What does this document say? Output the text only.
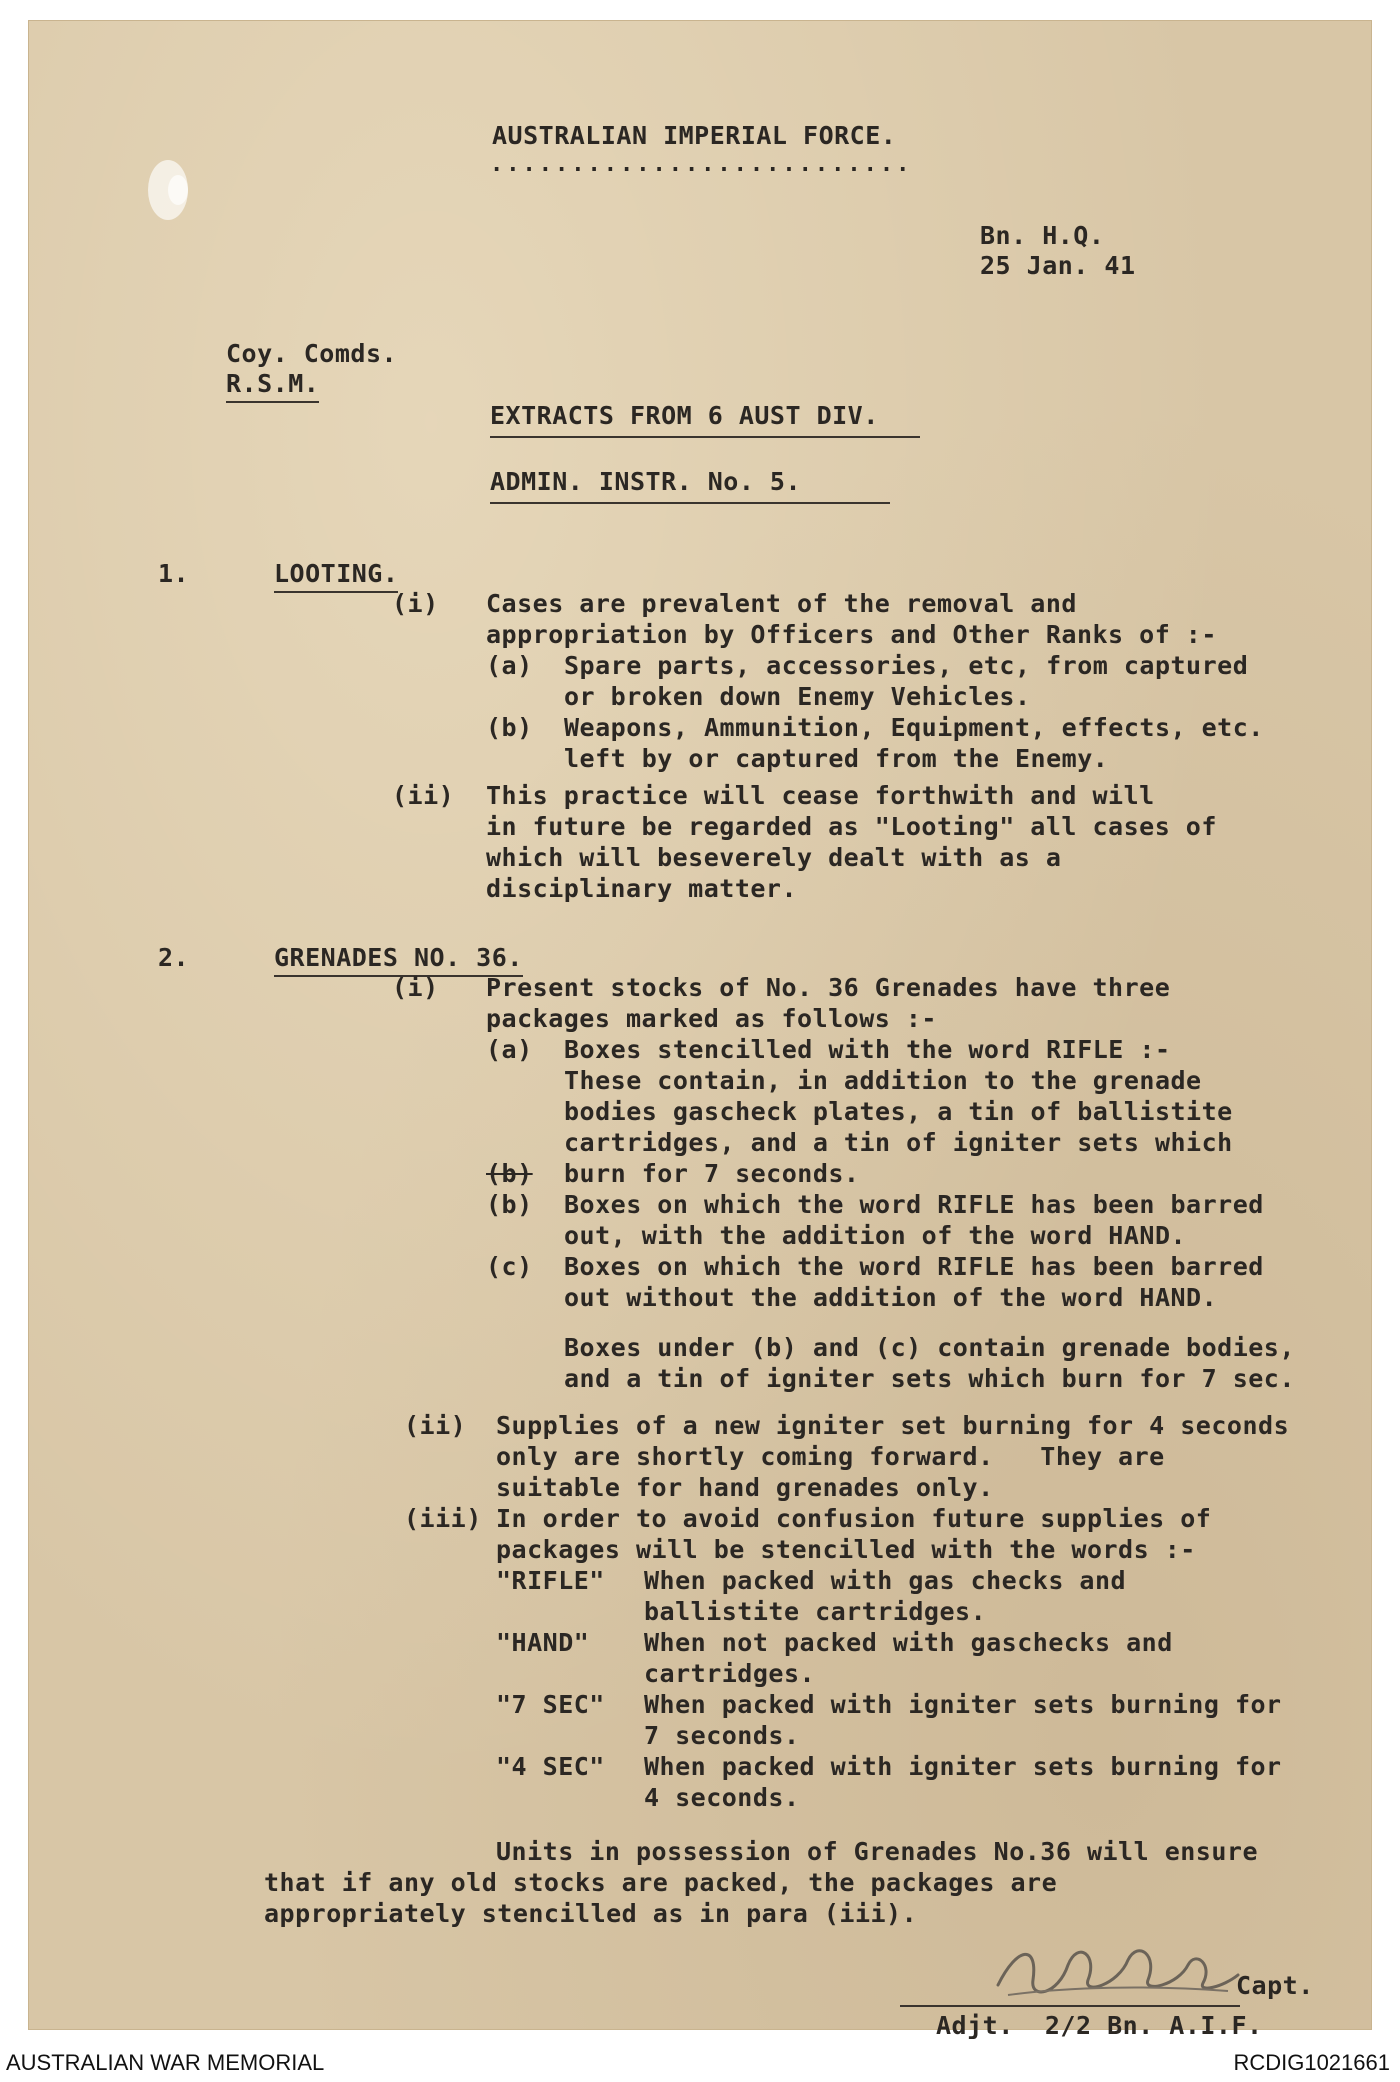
AUSTRALIAN IMPERIAL FORCE.
..........................
Bn. H.Q.
25 Jan. 41
Coy. Comds.
R.S.M.
EXTRACTS FROM 6 AUST DIV.
ADMIN. INSTR. No. 5.
1.	LOOTING.
(i) Cases are prevalent of the removal and
appropriation by Officers and Other Ranks of :-
(a) Spare parts, accessories, etc, from captured
or broken down Enemy Vehicles.
(b) Weapons, Ammunition, Equipment, effects, etc.
left by or captured from the Enemy.
(ii) This practice will cease forthwith and will
in future be regarded as "Looting" all cases of
which will beseverely dealt with as a
disciplinary matter.
2.	GRENADES NO. 36.
(i) Present stocks of No. 36 Grenades have three
packages marked as follows :-
(a) Boxes stencilled with the word RIFLE :-
These contain, in addition to the grenade
bodies gascheck plates, a tin of ballistite
cartridges, and a tin of igniter sets which
(b) burn for 7 seconds.
(b) Boxes on which the word RIFLE has been barred
out, with the addition of the word HAND.
(c) Boxes on which the word RIFLE has been barred
out without the addition of the word HAND.
Boxes under (b) and (c) contain grenade bodies,
and a tin of igniter sets which burn for 7 sec.
(ii) Supplies of a new igniter set burning for 4 seconds
only are shortly coming forward.   They are
suitable for hand grenades only.
(iii) In order to avoid confusion future supplies of
packages will be stencilled with the words :-
"RIFLE" When packed with gas checks and
ballistite cartridges.
"HAND" When not packed with gaschecks and
cartridges.
"7 SEC" When packed with igniter sets burning for
7 seconds.
"4 SEC" When packed with igniter sets burning for
4 seconds.
Units in possession of Grenades No.36 will ensure
that if any old stocks are packed, the packages are
appropriately stencilled as in para (iii).
Capt.
Adjt.  2/2 Bn. A.I.F.
AUSTRALIAN WAR MEMORIAL	RCDIG1021661
